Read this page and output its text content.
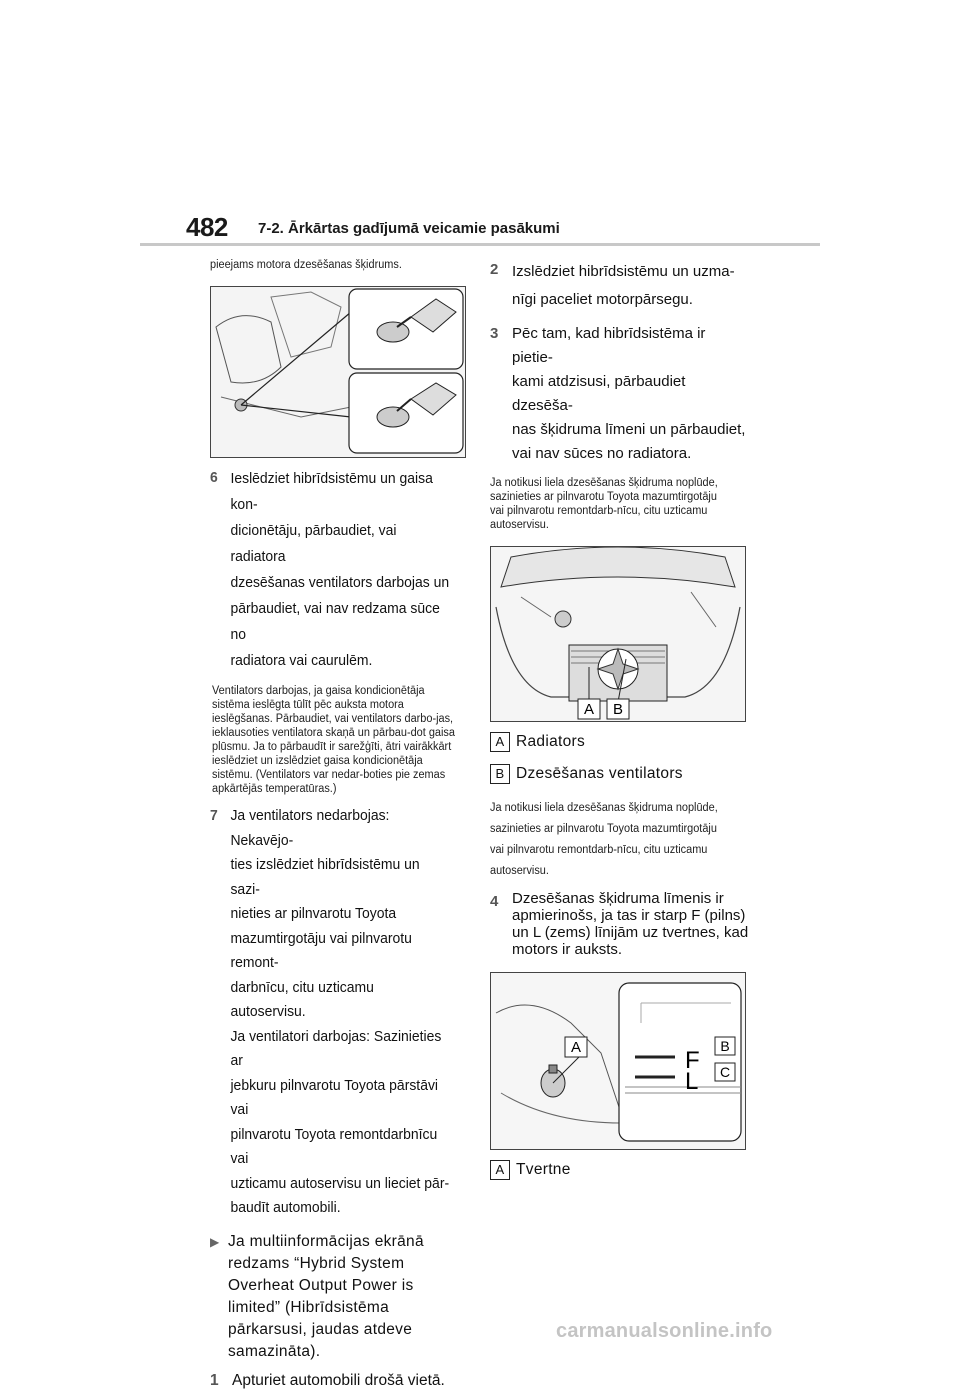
482 7-2. Ārkārtas gadījumā veicamie pasākumi
pieejams motora dzesēšanas šķidrums.
6 Ieslēdziet hibrīdsistēmu un gaisa kon-
dicionētāju, pārbaudiet, vai radiatora
dzesēšanas ventilators darbojas un
pārbaudiet, vai nav redzama sūce no
radiatora vai caurulēm.
Ventilators darbojas, ja gaisa kondicionētāja sistēma ieslēgta tūlīt pēc auksta motora ieslēgšanas. Pārbaudiet, vai ventilators darbo-jas, ieklausoties ventilatora skaņā un pārbau-dot gaisa plūsmu. Ja to pārbaudīt ir sarežģīti, ātri vairākkārt ieslēdziet un izslēdziet gaisa kondicionētāja sistēmu. (Ventilators var nedar-boties pie zemas apkārtējās temperatūras.)
7 Ja ventilators nedarbojas: Nekavējo-
ties izslēdziet hibrīdsistēmu un sazi-
nieties ar pilnvarotu Toyota
mazumtirgotāju vai pilnvarotu remont-
darbnīcu, citu uzticamu autoservisu.
Ja ventilatori darbojas: Sazinieties ar
jebkuru pilnvarotu Toyota pārstāvi vai
pilnvarotu Toyota remontdarbnīcu vai
uzticamu autoservisu un lieciet pār-
baudīt automobili.
▶ Ja multiinformācijas ekrānā
redzams “Hybrid System
Overheat Output Power is
limited” (Hibrīdsistēma
pārkarsusi, jaudas atdeve
samazināta).
1 Apturiet automobili drošā vietā.
2 Izslēdziet hibrīdsistēmu un uzma-
nīgi paceliet motorpārsegu.
3 Pēc tam, kad hibrīdsistēma ir pietie-
kami atdzisusi, pārbaudiet dzesēša-
nas šķidruma līmeni un pārbaudiet,
vai nav sūces no radiatora.
Ja notikusi liela dzesēšanas šķidruma noplūde, sazinieties ar pilnvarotu Toyota mazumtirgotāju vai pilnvarotu remontdarb-nīcu, citu uzticamu autoservisu.
A B
A Radiators
B Dzesēšanas ventilators
Ja notikusi liela dzesēšanas šķidruma noplūde, sazinieties ar pilnvarotu Toyota mazumtirgotāju vai pilnvarotu remontdarb-nīcu, citu uzticamu autoservisu.
4 Dzesēšanas šķidruma līmenis ir
apmierinošs, ja tas ir starp F (pilns)
un L (zems) līnijām uz tvertnes, kad
motors ir auksts.
A	F
L
B
C
A Tvertne
carmanualsonline.info
